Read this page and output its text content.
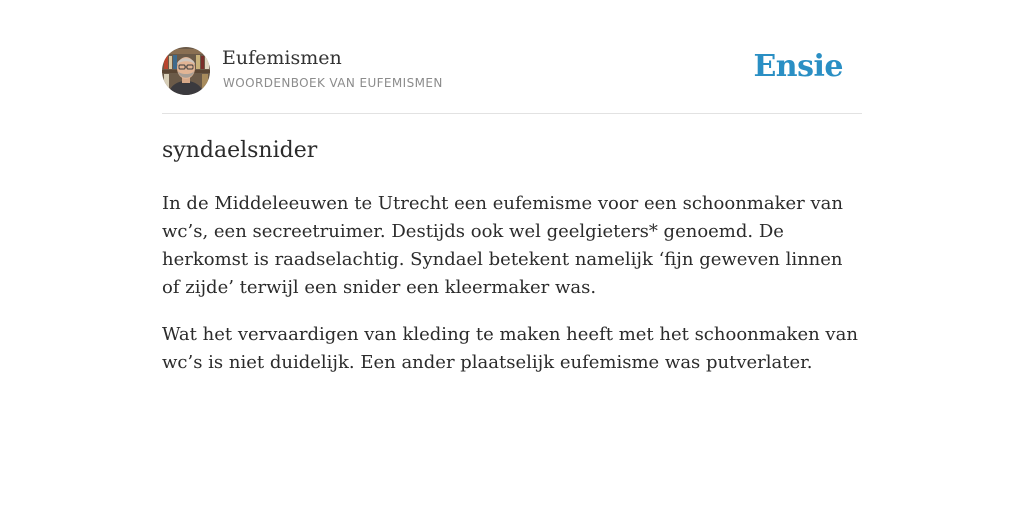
Eufemismen
WOORDENBOEK VAN EUFEMISMEN	Ensie
syndaelsnider

In de Middeleeuwen te Utrecht een eufemisme voor een schoonmaker van wc’s, een secreetruimer. Destijds ook wel geelgieters* genoemd. De herkomst is raadselachtig. Syndael betekent namelijk ‘fijn geweven linnen of zijde’ terwijl een snider een kleermaker was.

Wat het vervaardigen van kleding te maken heeft met het schoonmaken van wc’s is niet duidelijk. Een ander plaatselijk eufemisme was putverlater.
